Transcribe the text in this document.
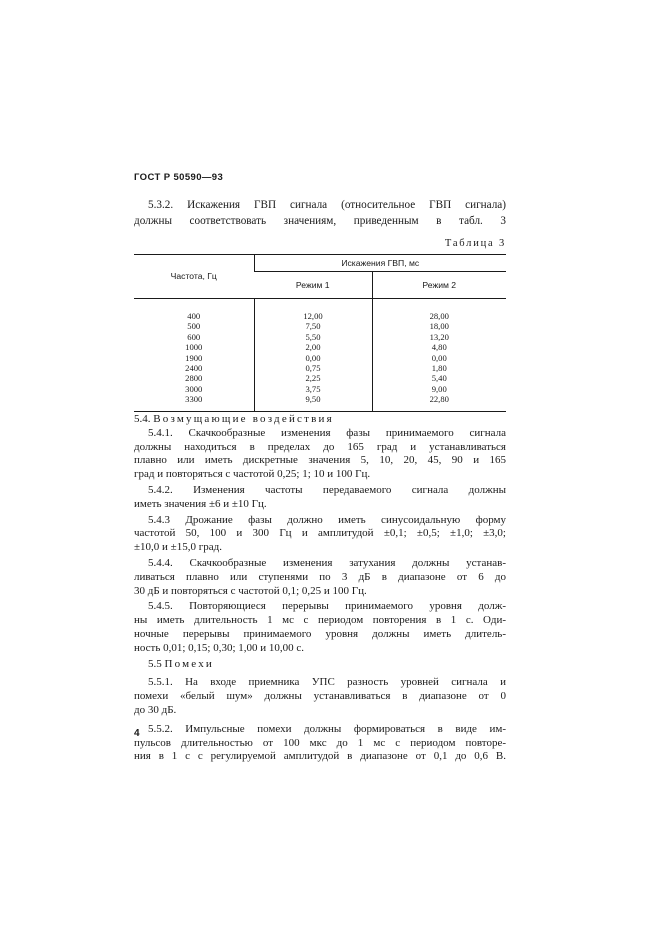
ГОСТ Р 50590—93
5.3.2. Искажения ГВП сигнала (относительное ГВП сигнала)
должны соответствовать значениям, приведенным в табл. 3
Таблица 3
Частота, Гц	Искажения ГВП, мс	
	Режим 1	Режим 2
400	12,00	28,00
500	7,50	18,00
600	5,50	13,20
1000	2,00	4,80
1900	0,00	0,00
2400	0,75	1,80
2800	2,25	5,40
3000	3,75	9,00
3300	9,50	22,80
5.4. Возмущающие воздействия
5.4.1. Скачкообразные изменения фазы принимаемого сигнала
должны находиться в пределах до 165 град и устанавливаться
плавно или иметь дискретные значения 5, 10, 20, 45, 90 и 165
град и повторяться с частотой 0,25; 1; 10 и 100 Гц.
5.4.2. Изменения частоты передаваемого сигнала должны
иметь значения ±6 и ±10 Гц.
5.4.3 Дрожание фазы должно иметь синусоидальную форму
частотой 50, 100 и 300 Гц и амплитудой ±0,1; ±0,5; ±1,0; ±3,0;
±10,0 и ±15,0 град.
5.4.4. Скачкообразные изменения затухания должны устанав-
ливаться плавно или ступенями по 3 дБ в диапазоне от 6 до
30 дБ и повторяться с частотой 0,1; 0,25 и 100 Гц.
5.4.5. Повторяющиеся перерывы принимаемого уровня долж-
ны иметь длительность 1 мс с периодом повторения в 1 с. Оди-
ночные перерывы принимаемого уровня должны иметь длитель-
ность 0,01; 0,15; 0,30; 1,00 и 10,00 с.
5.5 Помехи
5.5.1. На входе приемника УПС разность уровней сигнала и
помехи «белый шум» должны устанавливаться в диапазоне от 0
до 30 дБ.
5.5.2. Импульсные помехи должны формироваться в виде им-
пульсов длительностью от 100 мкс до 1 мс с периодом повторе-
ния в 1 с с регулируемой амплитудой в диапазоне от 0,1 до 0,6 В.
4
